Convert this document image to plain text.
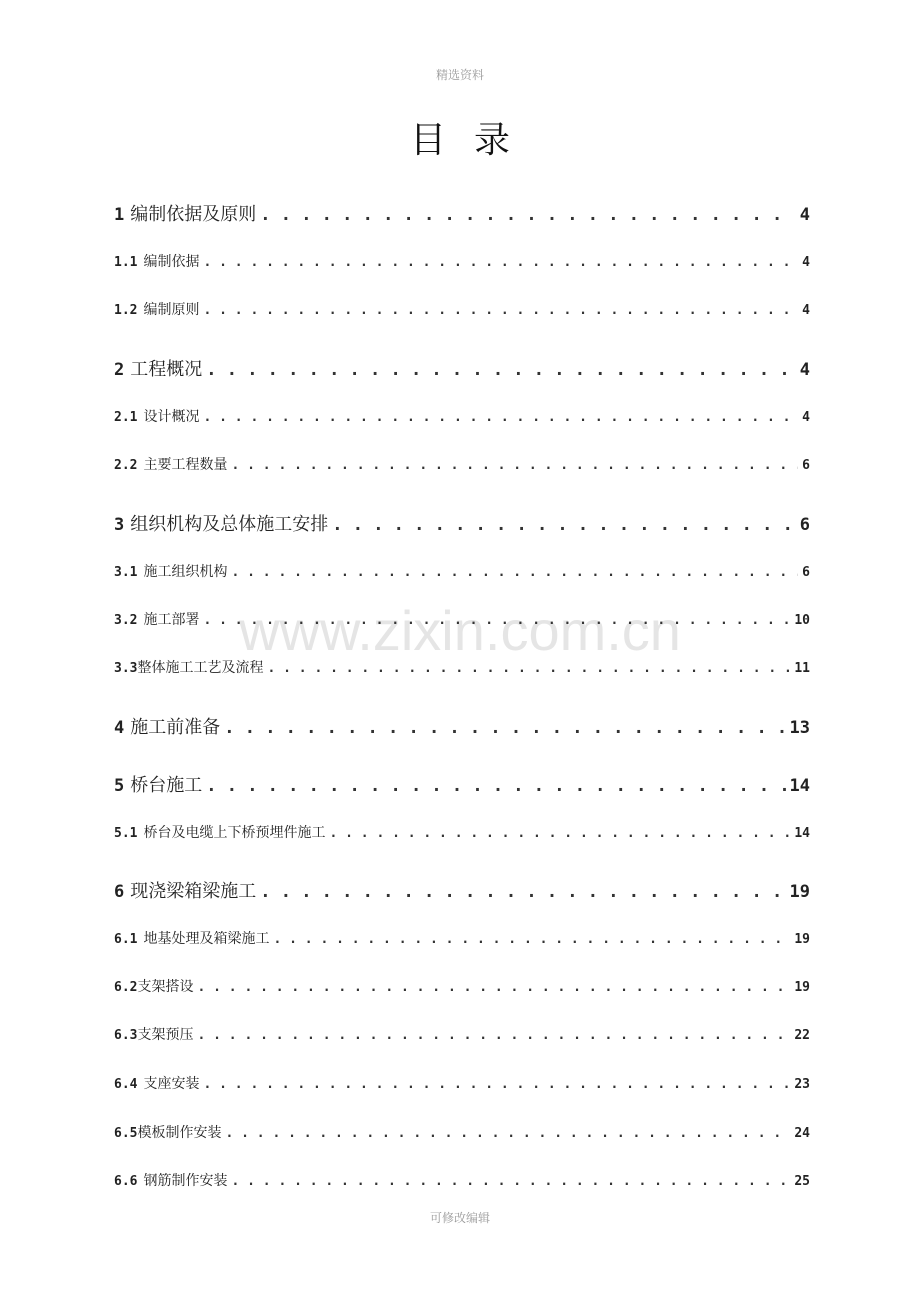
精选资料
目录
www.zixin.com.cn
1 编制依据及原则 . . .	4
1.1 编制依据 . . .	4
1.2 编制原则 . . .	4
2 工程概况 . . .	4
2.1 设计概况 . . .	4
2.2 主要工程数量 . . .	6
3 组织机构及总体施工安排 . . .	6
3.1 施工组织机构 . . .	6
3.2 施工部署 . . .	10
3.3 整体施工工艺及流程 . . .	11
4 施工前准备 . . .	13
5 桥台施工 . . .	14
5.1 桥台及电缆上下桥预埋件施工 . . .	14
6 现浇梁箱梁施工 . . .	19
6.1 地基处理及箱梁施工 . . .	19
6.2 支架搭设 . . .	19
6.3 支架预压 . . .	22
6.4 支座安装 . . .	23
6.5 模板制作安装 . . .	24
6.6 钢筋制作安装 . . .	25
可修改编辑
